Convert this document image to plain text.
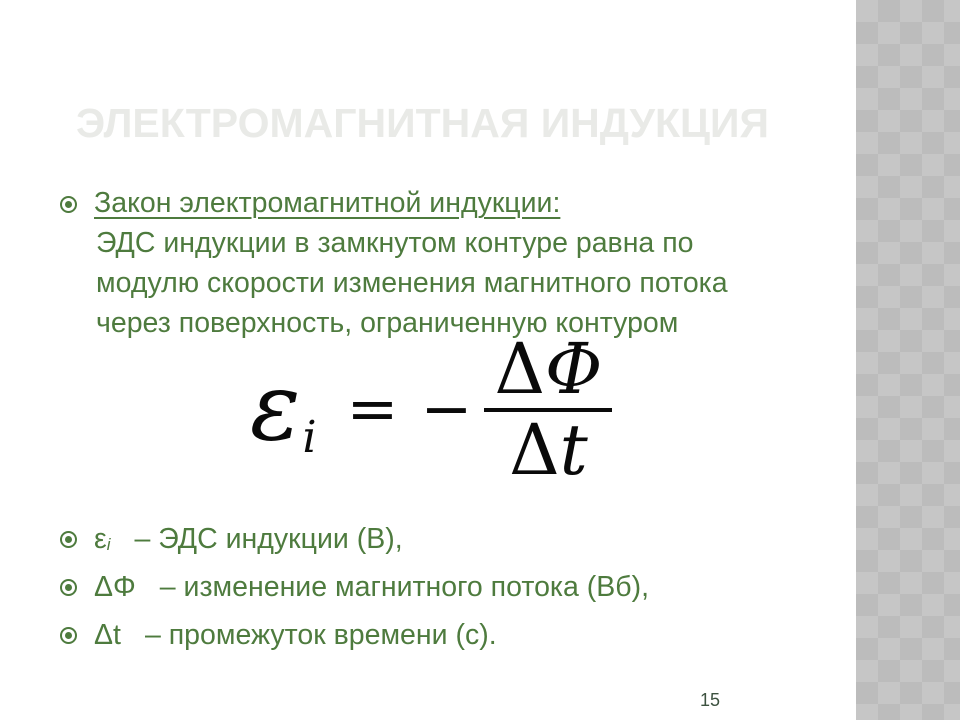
ЭЛЕКТРОМАГНИТНАЯ ИНДУКЦИЯ
Закон электромагнитной индукции:
ЭДС индукции в замкнутом контуре равна по
модулю скорости изменения магнитного потока
через поверхность, ограниченную контуром
ε i = − $\frac{\Delta\Phi}{\Delta t}$
ε i – ЭДС индукции (В),
ΔΦ – изменение магнитного потока (Вб),
Δt – промежуток времени (с).
15
